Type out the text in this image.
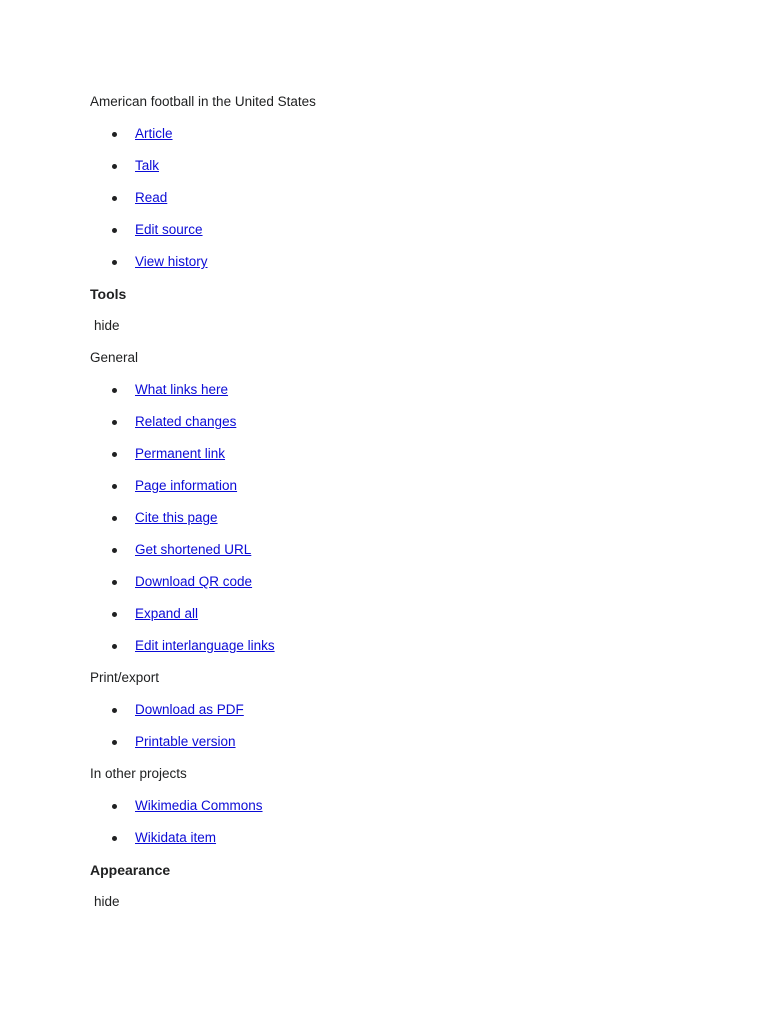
American football in the United States
Article
Talk
Read
Edit source
View history
Tools
hide
General
What links here
Related changes
Permanent link
Page information
Cite this page
Get shortened URL
Download QR code
Expand all
Edit interlanguage links
Print/export
Download as PDF
Printable version
In other projects
Wikimedia Commons
Wikidata item
Appearance
hide
